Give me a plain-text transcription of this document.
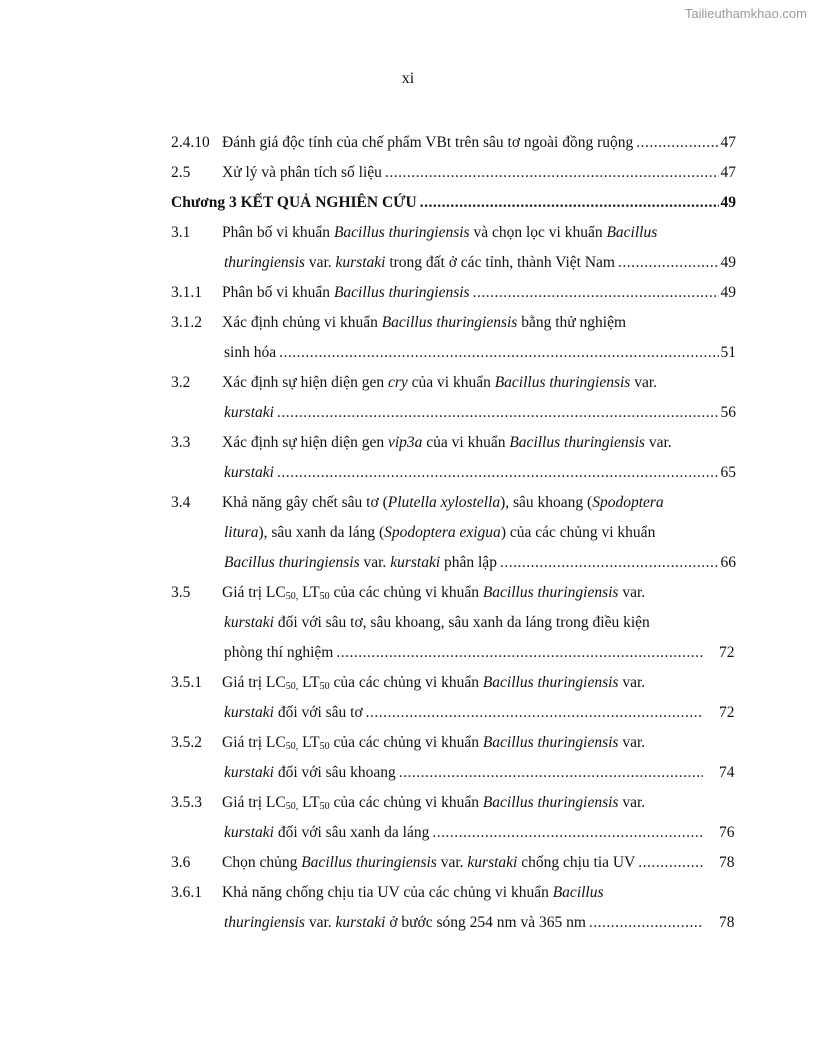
Tailieuthamkhao.com
xi
2.4.10 Đánh giá độc tính của chế phẩm VBt trên sâu tơ ngoài đồng ruộng .....	47
2.5 Xử lý và phân tích số liệu .....	47
Chương 3 KẾT QUẢ NGHIÊN CỨU .....	49
3.1 Phân bố vi khuẩn Bacillus thuringiensis và chọn lọc vi khuẩn Bacillus
thuringiensis var. kurstaki trong đất ở các tỉnh, thành Việt Nam .....	49
3.1.1 Phân bố vi khuẩn Bacillus thuringiensis .....	49
3.1.2 Xác định chủng vi khuẩn Bacillus thuringiensis bằng thử nghiệm
sinh hóa .....	51
3.2 Xác định sự hiện diện gen cry của vi khuẩn Bacillus thuringiensis var.
kurstaki .....	56
3.3 Xác định sự hiện diện gen vip3a của vi khuẩn Bacillus thuringiensis var.
kurstaki .....	65
3.4 Khả năng gây chết sâu tơ (Plutella xylostella), sâu khoang (Spodoptera
litura), sâu xanh da láng (Spodoptera exigua) của các chủng vi khuẩn
Bacillus thuringiensis var. kurstaki phân lập .....	66
3.5 Giá trị $LC_{50,}$ $LT_{50}$ của các chủng vi khuẩn Bacillus thuringiensis var.
kurstaki đối với sâu tơ, sâu khoang, sâu xanh da láng trong điều kiện
phòng thí nghiệm .....	72
3.5.1 Giá trị $LC_{50,}$ $LT_{50}$ của các chủng vi khuẩn Bacillus thuringiensis var.
kurstaki đối với sâu tơ .....	72
3.5.2 Giá trị $LC_{50,}$ $LT_{50}$ của các chủng vi khuẩn Bacillus thuringiensis var.
kurstaki đối với sâu khoang .....	74
3.5.3 Giá trị $LC_{50,}$ $LT_{50}$ của các chủng vi khuẩn Bacillus thuringiensis var.
kurstaki đối với sâu xanh da láng .....	76
3.6 Chọn chủng Bacillus thuringiensis var. kurstaki chống chịu tia UV .....	78
3.6.1 Khả năng chống chịu tia UV của các chủng vi khuẩn Bacillus
thuringiensis var. kurstaki ở bước sóng 254 nm và 365 nm .....	78
